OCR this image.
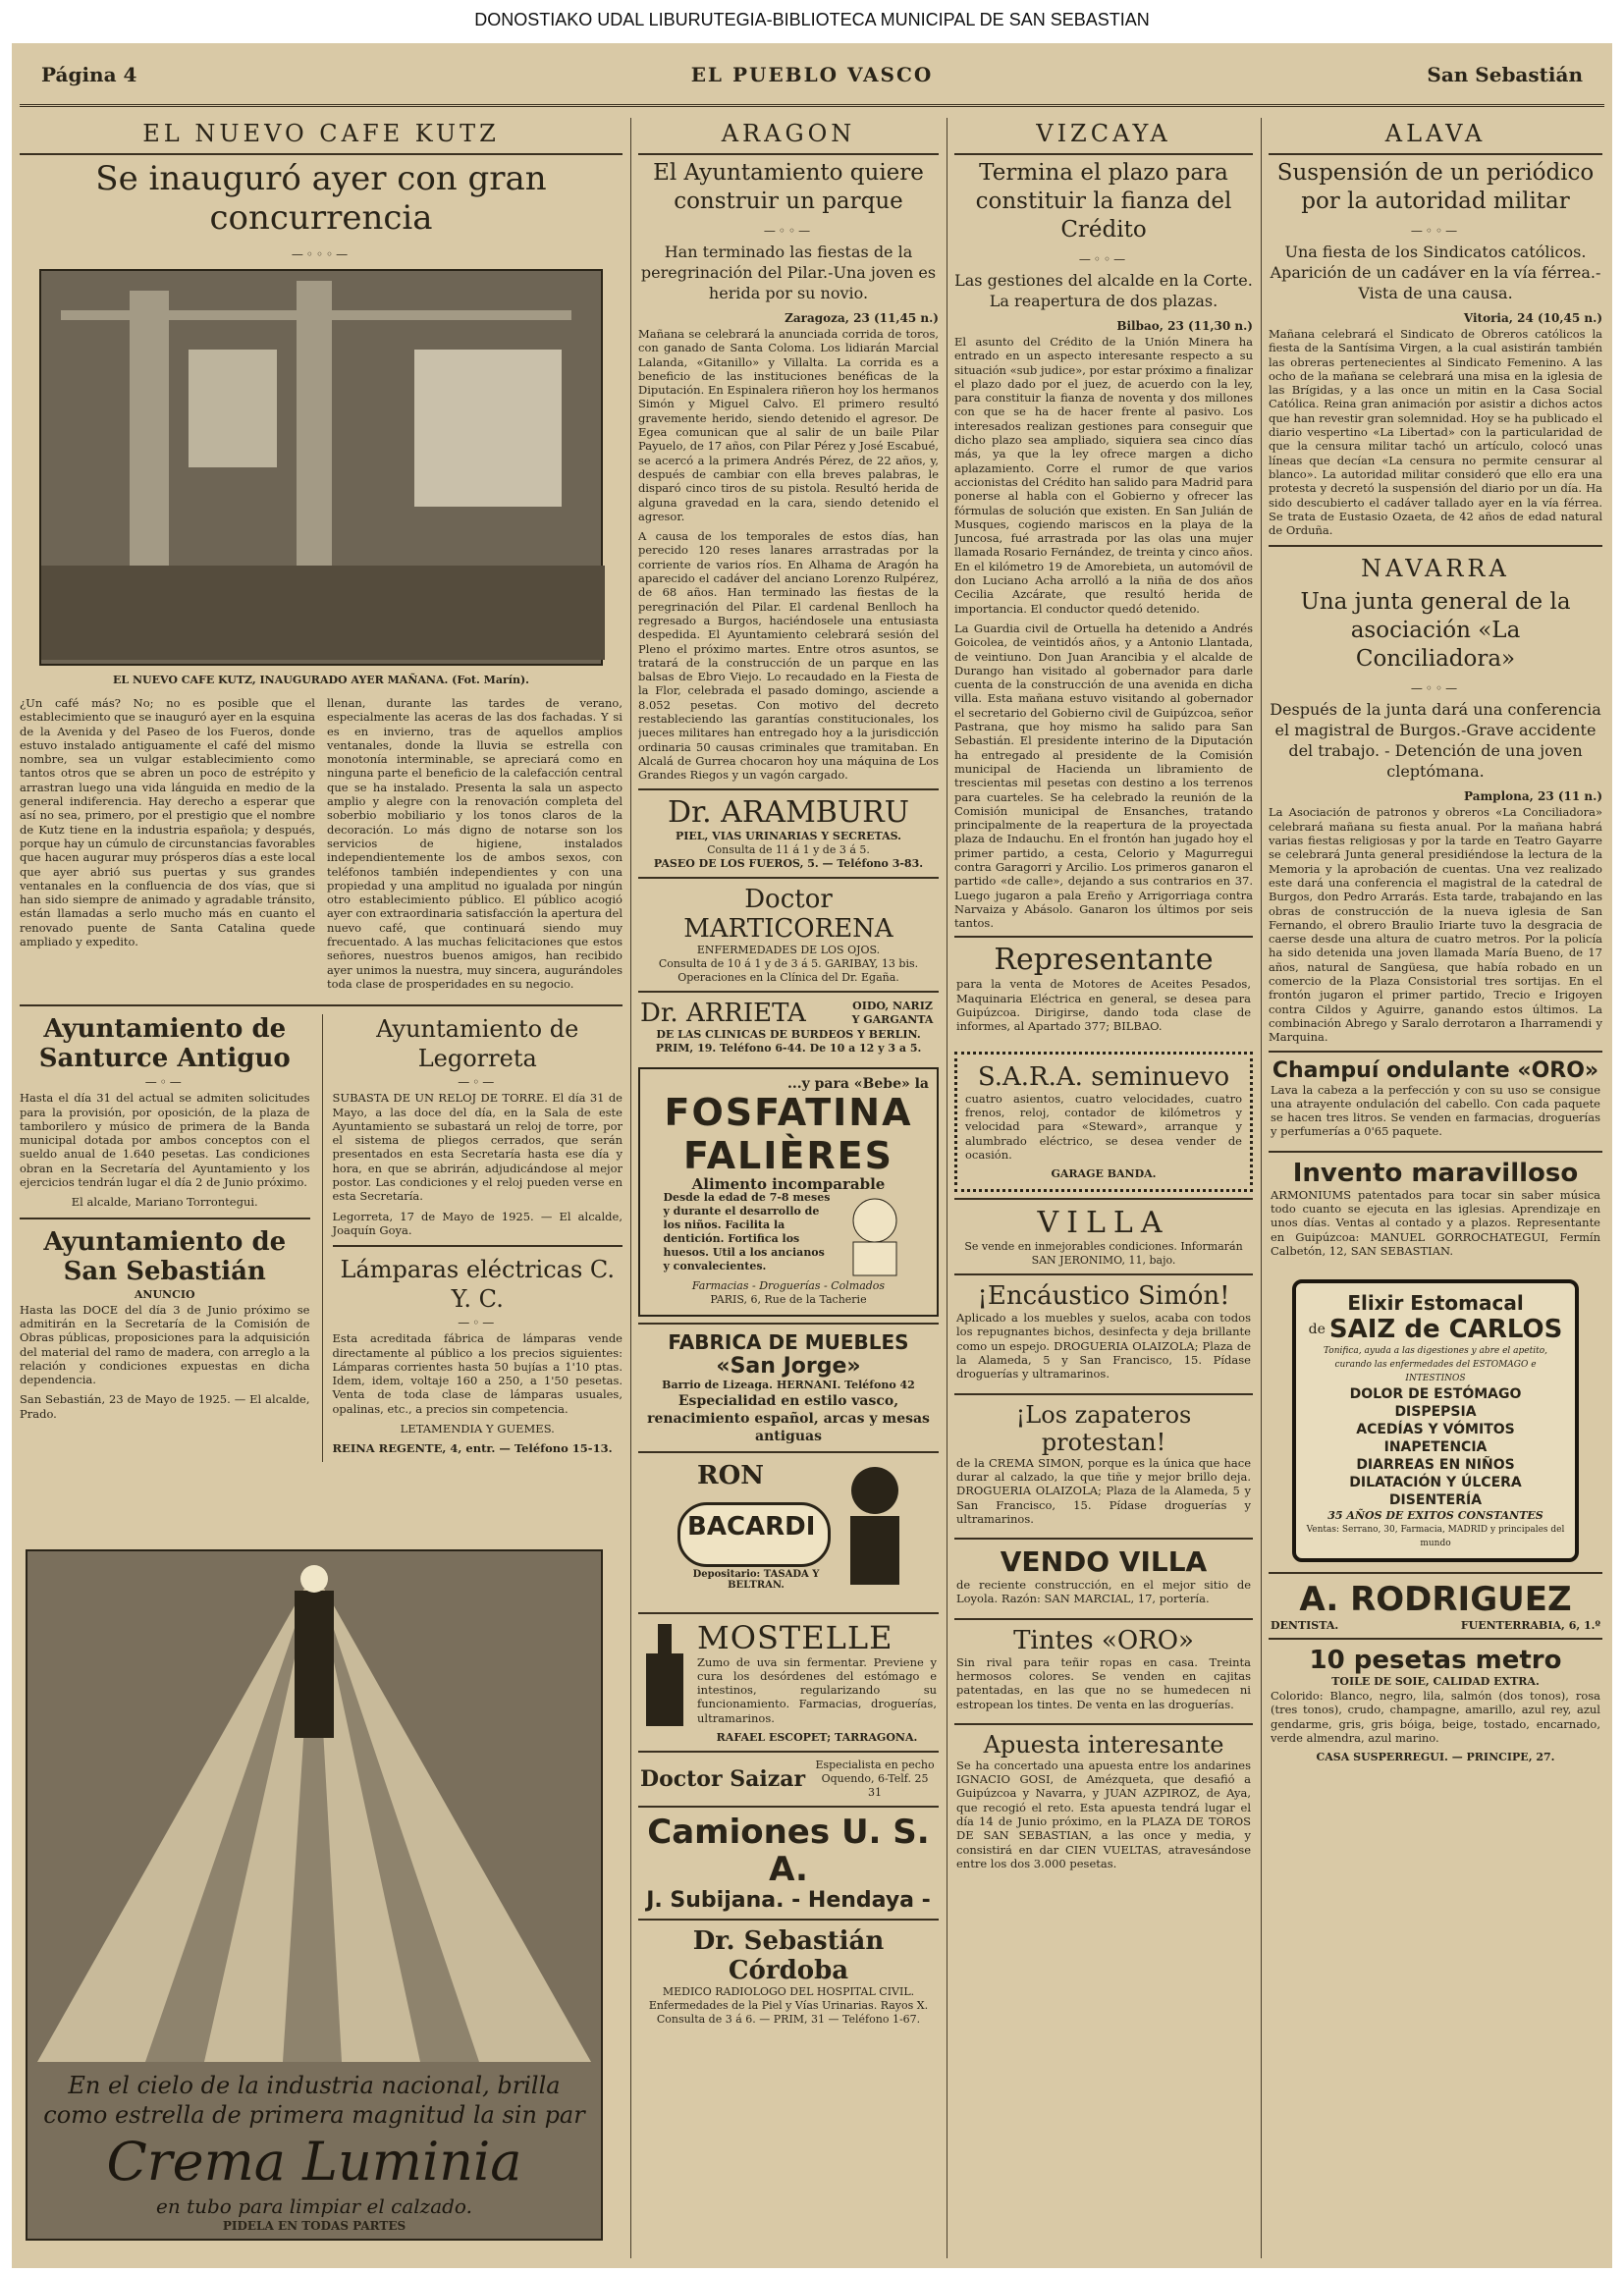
DONOSTIAKO UDAL LIBURUTEGIA-BIBLIOTECA MUNICIPAL DE SAN SEBASTIAN
Página 4	EL PUEBLO VASCO	San Sebastián
EL NUEVO CAFE KUTZ
Se inauguró ayer con gran concurrencia
—◦◦◦—
EL NUEVO CAFE KUTZ, INAUGURADO AYER MAÑANA. (Fot. Marín).
¿Un café más? No; no es posible que el establecimiento que se inauguró ayer en la esquina de la Avenida y del Paseo de los Fueros, donde estuvo instalado antiguamente el café del mismo nombre, sea un vulgar establecimiento como tantos otros que se abren un poco de estrépito y arrastran luego una vida lánguida en medio de la general indiferencia. Hay derecho a esperar que así no sea, primero, por el prestigio que el nombre de Kutz tiene en la industria española; y después, porque hay un cúmulo de circunstancias favorables que hacen augurar muy prósperos días a este local que ayer abrió sus puertas y sus grandes ventanales en la confluencia de dos vías, que si han sido siempre de animado y agradable tránsito, están llamadas a serlo mucho más en cuanto el renovado puente de Santa Catalina quede ampliado y expedito.
llenan, durante las tardes de verano, especialmente las aceras de las dos fachadas. Y si es en invierno, tras de aquellos amplios ventanales, donde la lluvia se estrella con monotonía interminable, se apreciará como en ninguna parte el beneficio de la calefacción central que se ha instalado. Presenta la sala un aspecto amplio y alegre con la renovación completa del soberbio mobiliario y los tonos claros de la decoración. Lo más digno de notarse son los servicios de higiene, instalados independientemente los de ambos sexos, con teléfonos también independientes y con una propiedad y una amplitud no igualada por ningún otro establecimiento público. El público acogió ayer con extraordinaria satisfacción la apertura del nuevo café, que continuará siendo muy frecuentado. A las muchas felicitaciones que estos señores, nuestros buenos amigos, han recibido ayer unimos la nuestra, muy sincera, augurándoles toda clase de prosperidades en su negocio.
Ayuntamiento de Santurce Antiguo
—◦—
Hasta el día 31 del actual se admiten solicitudes para la provisión, por oposición, de la plaza de tamborilero y músico de primera de la Banda municipal dotada por ambos conceptos con el sueldo anual de 1.640 pesetas. Las condiciones obran en la Secretaría del Ayuntamiento y los ejercicios tendrán lugar el día 2 de Junio próximo.
El alcalde, Mariano Torrontegui.
Ayuntamiento de San Sebastián
ANUNCIO
Hasta las DOCE del día 3 de Junio próximo se admitirán en la Secretaría de la Comisión de Obras públicas, proposiciones para la adquisición del material del ramo de madera, con arreglo a la relación y condiciones expuestas en dicha dependencia.
San Sebastián, 23 de Mayo de 1925. — El alcalde, Prado.
Ayuntamiento de Legorreta
—◦—
SUBASTA DE UN RELOJ DE TORRE. El día 31 de Mayo, a las doce del día, en la Sala de este Ayuntamiento se subastará un reloj de torre, por el sistema de pliegos cerrados, que serán presentados en esta Secretaría hasta ese día y hora, en que se abrirán, adjudicándose al mejor postor. Las condiciones y el reloj pueden verse en esta Secretaría.
Legorreta, 17 de Mayo de 1925. — El alcalde, Joaquín Goya.
Lámparas eléctricas C. Y. C.
—◦—
Esta acreditada fábrica de lámparas vende directamente al público a los precios siguientes: Lámparas corrientes hasta 50 bujías a 1'10 ptas. Idem, idem, voltaje 160 a 250, a 1'50 pesetas. Venta de toda clase de lámparas usuales, opalinas, etc., a precios sin competencia.
LETAMENDIA Y GUEMES.
REINA REGENTE, 4, entr. — Teléfono 15-13.
En el cielo de la industria nacional, brilla
como estrella de primera magnitud la sin par
Crema Luminia
en tubo para limpiar el calzado.
PIDELA EN TODAS PARTES
ARAGON
El Ayuntamiento quiere construir un parque
—◦◦—
Han terminado las fiestas de la peregrinación del Pilar.-Una joven es herida por su novio.
Zaragoza, 23 (11,45 n.)
Mañana se celebrará la anunciada corrida de toros, con ganado de Santa Coloma. Los lidiarán Marcial Lalanda, «Gitanillo» y Villalta. La corrida es a beneficio de las instituciones benéficas de la Diputación. En Espinalera riñeron hoy los hermanos Simón y Miguel Calvo. El primero resultó gravemente herido, siendo detenido el agresor. De Egea comunican que al salir de un baile Pilar Payuelo, de 17 años, con Pilar Pérez y José Escabué, se acercó a la primera Andrés Pérez, de 22 años, y, después de cambiar con ella breves palabras, le disparó cinco tiros de su pistola. Resultó herida de alguna gravedad en la cara, siendo detenido el agresor.
A causa de los temporales de estos días, han perecido 120 reses lanares arrastradas por la corriente de varios ríos. En Alhama de Aragón ha aparecido el cadáver del anciano Lorenzo Rulpérez, de 68 años. Han terminado las fiestas de la peregrinación del Pilar. El cardenal Benlloch ha regresado a Burgos, haciéndosele una entusiasta despedida. El Ayuntamiento celebrará sesión del Pleno el próximo martes. Entre otros asuntos, se tratará de la construcción de un parque en las balsas de Ebro Viejo. Lo recaudado en la Fiesta de la Flor, celebrada el pasado domingo, asciende a 8.052 pesetas. Con motivo del decreto restableciendo las garantías constitucionales, los jueces militares han entregado hoy a la jurisdicción ordinaria 50 causas criminales que tramitaban. En Alcalá de Gurrea chocaron hoy una máquina de Los Grandes Riegos y un vagón cargado.
Dr. ARAMBURU
PIEL, VIAS URINARIAS Y SECRETAS.
Consulta de 11 á 1 y de 3 á 5.
PASEO DE LOS FUEROS, 5. — Teléfono 3-83.
Doctor MARTICORENA
ENFERMEDADES DE LOS OJOS.
Consulta de 10 á 1 y de 3 á 5. GARIBAY, 13 bis. Operaciones en la Clínica del Dr. Egaña.
Dr. ARRIETA	OIDO, NARIZ Y GARGANTA
DE LAS CLINICAS DE BURDEOS Y BERLIN. PRIM, 19. Teléfono 6-44. De 10 a 12 y 3 a 5.
...y para «Bebe» la
FOSFATINA FALIÈRES
Alimento incomparable
Desde la edad de 7-8 meses y durante el desarrollo de los niños. Facilita la dentición. Fortifica los huesos. Util a los ancianos y convalecientes.
Farmacias - Droguerías - Colmados
PARIS, 6, Rue de la Tacherie
FABRICA DE MUEBLES
«San Jorge»
Barrio de Lizeaga. HERNANI. Teléfono 42
Especialidad en estilo vasco, renacimiento español, arcas y mesas antiguas
RON
BACARDI
Depositario: TASADA Y BELTRAN.
MOSTELLE
Zumo de uva sin fermentar. Previene y cura los desórdenes del estómago e intestinos, regularizando su funcionamiento. Farmacias, droguerías, ultramarinos.
RAFAEL ESCOPET; TARRAGONA.
Doctor Saizar
Especialista en pecho Oquendo, 6-Telf. 25 31
Camiones U. S. A.
J. Subijana. - Hendaya -
Dr. Sebastián Córdoba
MEDICO RADIOLOGO DEL HOSPITAL CIVIL. Enfermedades de la Piel y Vías Urinarias. Rayos X. Consulta de 3 á 6. — PRIM, 31 — Teléfono 1-67.
VIZCAYA
Termina el plazo para constituir la fianza del Crédito
—◦◦—
Las gestiones del alcalde en la Corte. La reapertura de dos plazas.
Bilbao, 23 (11,30 n.)
El asunto del Crédito de la Unión Minera ha entrado en un aspecto interesante respecto a su situación «sub judice», por estar próximo a finalizar el plazo dado por el juez, de acuerdo con la ley, para constituir la fianza de noventa y dos millones con que se ha de hacer frente al pasivo. Los interesados realizan gestiones para conseguir que dicho plazo sea ampliado, siquiera sea cinco días más, ya que la ley ofrece margen a dicho aplazamiento. Corre el rumor de que varios accionistas del Crédito han salido para Madrid para ponerse al habla con el Gobierno y ofrecer las fórmulas de solución que existen. En San Julián de Musques, cogiendo mariscos en la playa de la Juncosa, fué arrastrada por las olas una mujer llamada Rosario Fernández, de treinta y cinco años. En el kilómetro 19 de Amorebieta, un automóvil de don Luciano Acha arrolló a la niña de dos años Cecilia Azcárate, que resultó herida de importancia. El conductor quedó detenido.
La Guardia civil de Ortuella ha detenido a Andrés Goicolea, de veintidós años, y a Antonio Llantada, de veintiuno. Don Juan Arancibia y el alcalde de Durango han visitado al gobernador para darle cuenta de la construcción de una avenida en dicha villa. Esta mañana estuvo visitando al gobernador el secretario del Gobierno civil de Guipúzcoa, señor Pastrana, que hoy mismo ha salido para San Sebastián. El presidente interino de la Diputación ha entregado al presidente de la Comisión municipal de Hacienda un libramiento de trescientas mil pesetas con destino a los terrenos para cuarteles. Se ha celebrado la reunión de la Comisión municipal de Ensanches, tratando principalmente de la reapertura de la proyectada plaza de Indauchu. En el frontón han jugado hoy el primer partido, a cesta, Celorio y Magurregui contra Garagorri y Arcilio. Los primeros ganaron el partido «de calle», dejando a sus contrarios en 37. Luego jugaron a pala Ereño y Arrigorriaga contra Narvaiza y Abásolo. Ganaron los últimos por seis tantos.
Representante
para la venta de Motores de Aceites Pesados, Maquinaria Eléctrica en general, se desea para Guipúzcoa. Dirigirse, dando toda clase de informes, al Apartado 377; BILBAO.
S.A.R.A. seminuevo
cuatro asientos, cuatro velocidades, cuatro frenos, reloj, contador de kilómetros y velocidad para «Steward», arranque y alumbrado eléctrico, se desea vender de ocasión.
GARAGE BANDA.
VILLA
Se vende en inmejorables condiciones. Informarán SAN JERONIMO, 11, bajo.
¡Encáustico Simón!
Aplicado a los muebles y suelos, acaba con todos los repugnantes bichos, desinfecta y deja brillante como un espejo. DROGUERIA OLAIZOLA; Plaza de la Alameda, 5 y San Francisco, 15. Pídase droguerías y ultramarinos.
¡Los zapateros protestan!
de la CREMA SIMON, porque es la única que hace durar al calzado, la que tiñe y mejor brillo deja. DROGUERIA OLAIZOLA; Plaza de la Alameda, 5 y San Francisco, 15. Pídase droguerías y ultramarinos.
VENDO VILLA
de reciente construcción, en el mejor sitio de Loyola. Razón: SAN MARCIAL, 17, portería.
Tintes «ORO»
Sin rival para teñir ropas en casa. Treinta hermosos colores. Se venden en cajitas patentadas, en las que no se humedecen ni estropean los tintes. De venta en las droguerías.
Apuesta interesante
Se ha concertado una apuesta entre los andarines IGNACIO GOSI, de Amézqueta, que desafió a Guipúzcoa y Navarra, y JUAN AZPIROZ, de Aya, que recogió el reto. Esta apuesta tendrá lugar el día 14 de Junio próximo, en la PLAZA DE TOROS DE SAN SEBASTIAN, a las once y media, y consistirá en dar CIEN VUELTAS, atravesándose entre los dos 3.000 pesetas.
ALAVA
Suspensión de un periódico por la autoridad militar
—◦◦—
Una fiesta de los Sindicatos católicos. Aparición de un cadáver en la vía férrea.-Vista de una causa.
Vitoria, 24 (10,45 n.)
Mañana celebrará el Sindicato de Obreros católicos la fiesta de la Santísima Virgen, a la cual asistirán también las obreras pertenecientes al Sindicato Femenino. A las ocho de la mañana se celebrará una misa en la iglesia de las Brígidas, y a las once un mitin en la Casa Social Católica. Reina gran animación por asistir a dichos actos que han revestir gran solemnidad. Hoy se ha publicado el diario vespertino «La Libertad» con la particularidad de que la censura militar tachó un artículo, colocó unas líneas que decían «La censura no permite censurar al blanco». La autoridad militar consideró que ello era una protesta y decretó la suspensión del diario por un día. Ha sido descubierto el cadáver tallado ayer en la vía férrea. Se trata de Eustasio Ozaeta, de 42 años de edad natural de Orduña.
NAVARRA
Una junta general de la asociación «La Conciliadora»
—◦◦—
Después de la junta dará una conferencia el magistral de Burgos.-Grave accidente del trabajo. - Detención de una joven cleptómana.
Pamplona, 23 (11 n.)
La Asociación de patronos y obreros «La Conciliadora» celebrará mañana su fiesta anual. Por la mañana habrá varias fiestas religiosas y por la tarde en Teatro Gayarre se celebrará Junta general presidiéndose la lectura de la Memoria y la aprobación de cuentas. Una vez realizado este dará una conferencia el magistral de la catedral de Burgos, don Pedro Arrarás. Esta tarde, trabajando en las obras de construcción de la nueva iglesia de San Fernando, el obrero Braulio Iriarte tuvo la desgracia de caerse desde una altura de cuatro metros. Por la policía ha sido detenida una joven llamada María Bueno, de 17 años, natural de Sangüesa, que había robado en un comercio de la Plaza Consistorial tres sortijas. En el frontón jugaron el primer partido, Trecio e Irigoyen contra Cildos y Aguirre, ganando estos últimos. La combinación Abrego y Saralo derrotaron a Iharramendi y Marquina.
Champuí ondulante «ORO»
Lava la cabeza a la perfección y con su uso se consigue una atrayente ondulación del cabello. Con cada paquete se hacen tres litros. Se venden en farmacias, droguerías y perfumerías a 0'65 paquete.
Invento maravilloso
ARMONIUMS patentados para tocar sin saber música todo cuanto se ejecuta en las iglesias. Aprendizaje en unos días. Ventas al contado y a plazos. Representante en Guipúzcoa: MANUEL GORROCHATEGUI, Fermín Calbetón, 12, SAN SEBASTIAN.
Elixir Estomacal
de SAIZ de CARLOS
Tonifica, ayuda a las digestiones y abre el apetito, curando las enfermedades del ESTOMAGO e INTESTINOS
DOLOR DE ESTÓMAGO
DISPEPSIA
ACEDÍAS Y VÓMITOS
INAPETENCIA
DIARREAS EN NIÑOS
DILATACIÓN Y ÚLCERA
DISENTERÍA
35 AÑOS DE EXITOS CONSTANTES
Ventas: Serrano, 30, Farmacia, MADRID y principales del mundo
A. RODRIGUEZ
DENTISTA.	FUENTERRABIA, 6, 1.º
10 pesetas metro
TOILE DE SOIE, CALIDAD EXTRA.
Colorido: Blanco, negro, lila, salmón (dos tonos), rosa (tres tonos), crudo, champagne, amarillo, azul rey, azul gendarme, gris, gris bóiga, beige, tostado, encarnado, verde almendra, azul marino.
CASA SUSPERREGUI. — PRINCIPE, 27.
